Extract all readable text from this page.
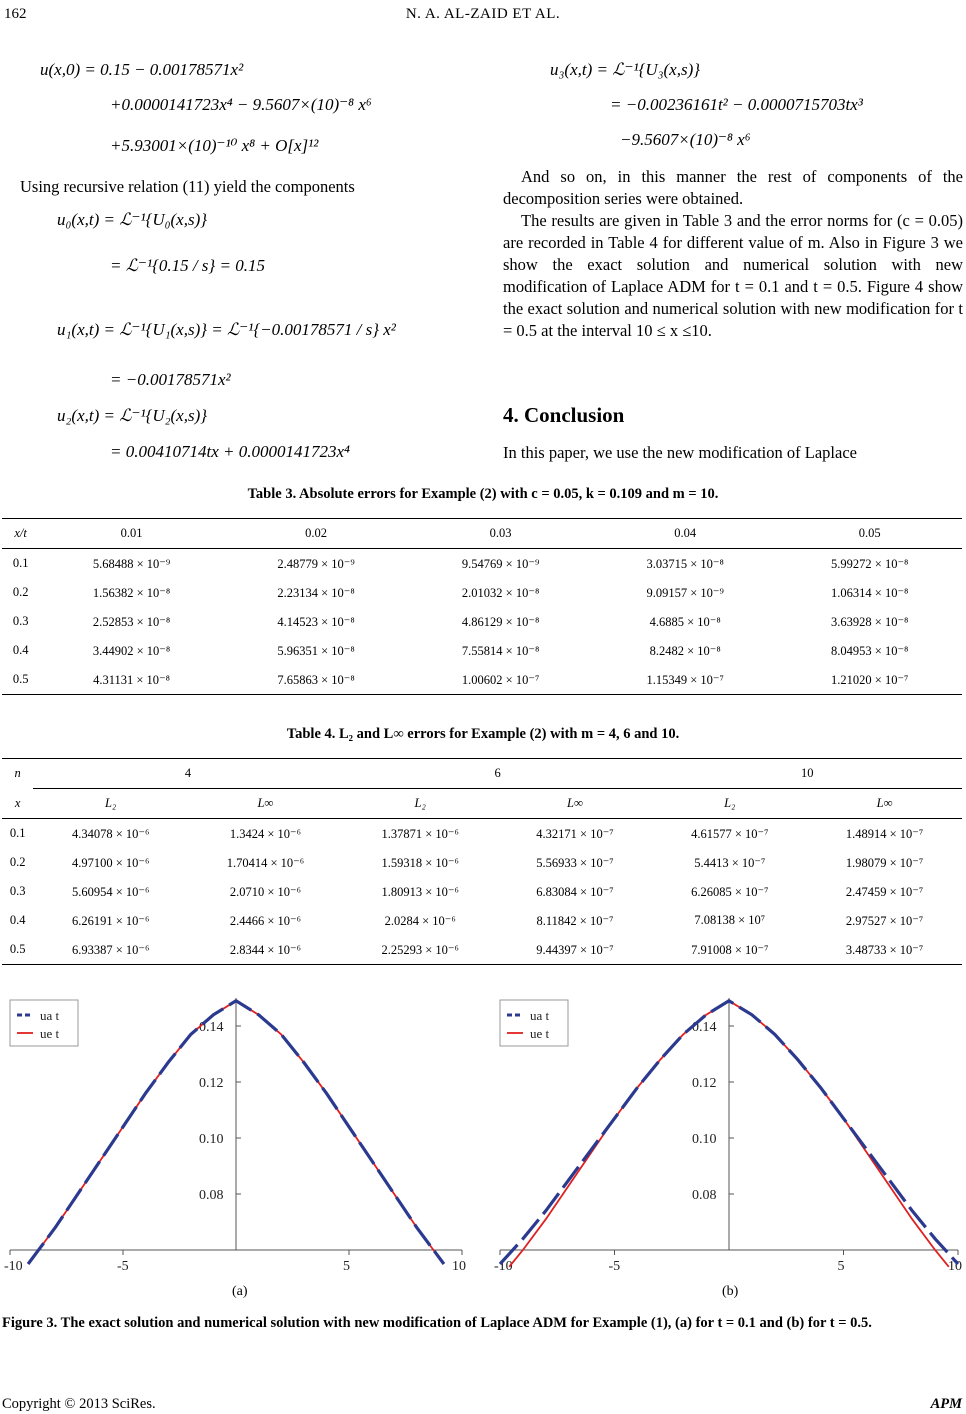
162	N. A. AL-ZAID ET AL.
u(x,0) = 0.15 − 0.00178571x²
+0.0000141723x⁴ − 9.5607×(10)⁻⁸ x⁶
+5.93001×(10)⁻¹⁰ x⁸ + O[x]¹²
Using recursive relation (11) yield the components
u₀(x,t) = ℒ⁻¹{U₀(x,s)}
= ℒ⁻¹{0.15 / s} = 0.15
u₁(x,t) = ℒ⁻¹{U₁(x,s)} = ℒ⁻¹{−0.00178571 / s} x²
= −0.00178571x²
u₂(x,t) = ℒ⁻¹{U₂(x,s)}
= 0.00410714tx + 0.0000141723x⁴
u₃(x,t) = ℒ⁻¹{U₃(x,s)}
= −0.00236161t² − 0.0000715703tx³
−9.5607×(10)⁻⁸ x⁶

And so on, in this manner the rest of components of the decomposition series were obtained.

The results are given in Table 3 and the error norms for (c = 0.05) are recorded in Table 4 for different value of m. Also in Figure 3 we show the exact solution and numerical solution with new modification of Laplace ADM for t = 0.1 and t = 0.5. Figure 4 show the exact solution and numerical solution with new modification for t = 0.5 at the interval 10 ≤ x ≤10.

4. Conclusion
In this paper, we use the new modification of Laplace
Table 3. Absolute errors for Example (2) with c = 0.05, k = 0.109 and m = 10.
x/t	0.01	0.02	0.03	0.04	0.05
0.1	5.68488 × 10⁻⁹	2.48779 × 10⁻⁹	9.54769 × 10⁻⁹	3.03715 × 10⁻⁸	5.99272 × 10⁻⁸
0.2	1.56382 × 10⁻⁸	2.23134 × 10⁻⁸	2.01032 × 10⁻⁸	9.09157 × 10⁻⁹	1.06314 × 10⁻⁸
0.3	2.52853 × 10⁻⁸	4.14523 × 10⁻⁸	4.86129 × 10⁻⁸	4.6885 × 10⁻⁸	3.63928 × 10⁻⁸
0.4	3.44902 × 10⁻⁸	5.96351 × 10⁻⁸	7.55814 × 10⁻⁸	8.2482 × 10⁻⁸	8.04953 × 10⁻⁸
0.5	4.31131 × 10⁻⁸	7.65863 × 10⁻⁸	1.00602 × 10⁻⁷	1.15349 × 10⁻⁷	1.21020 × 10⁻⁷
Table 4. L₂ and L∞ errors for Example (2) with m = 4, 6 and 10.
n	4		6		10	
x	L₂	L∞	L₂	L∞	L₂	L∞
0.1	4.34078 × 10⁻⁶	1.3424 × 10⁻⁶	1.37871 × 10⁻⁶	4.32171 × 10⁻⁷	4.61577 × 10⁻⁷	1.48914 × 10⁻⁷
0.2	4.97100 × 10⁻⁶	1.70414 × 10⁻⁶	1.59318 × 10⁻⁶	5.56933 × 10⁻⁷	5.4413 × 10⁻⁷	1.98079 × 10⁻⁷
0.3	5.60954 × 10⁻⁶	2.0710 × 10⁻⁶	1.80913 × 10⁻⁶	6.83084 × 10⁻⁷	6.26085 × 10⁻⁷	2.47459 × 10⁻⁷
0.4	6.26191 × 10⁻⁶	2.4466 × 10⁻⁶	2.0284 × 10⁻⁶	8.11842 × 10⁻⁷	7.08138 × 10⁷	2.97527 × 10⁻⁷
0.5	6.93387 × 10⁻⁶	2.8344 × 10⁻⁶	2.25293 × 10⁻⁶	9.44397 × 10⁻⁷	7.91008 × 10⁻⁷	3.48733 × 10⁻⁷
-10	-5	5	10
0.08
0.10
0.12
0.14
ua t
ue t
-10	-5	5	10
0.08
0.10
0.12
0.14
ua t
ue t
(a)	(b)
Figure 3. The exact solution and numerical solution with new modification of Laplace ADM for Example (1), (a) for t = 0.1 and (b) for t = 0.5.
Copyright © 2013 SciRes.	APM
